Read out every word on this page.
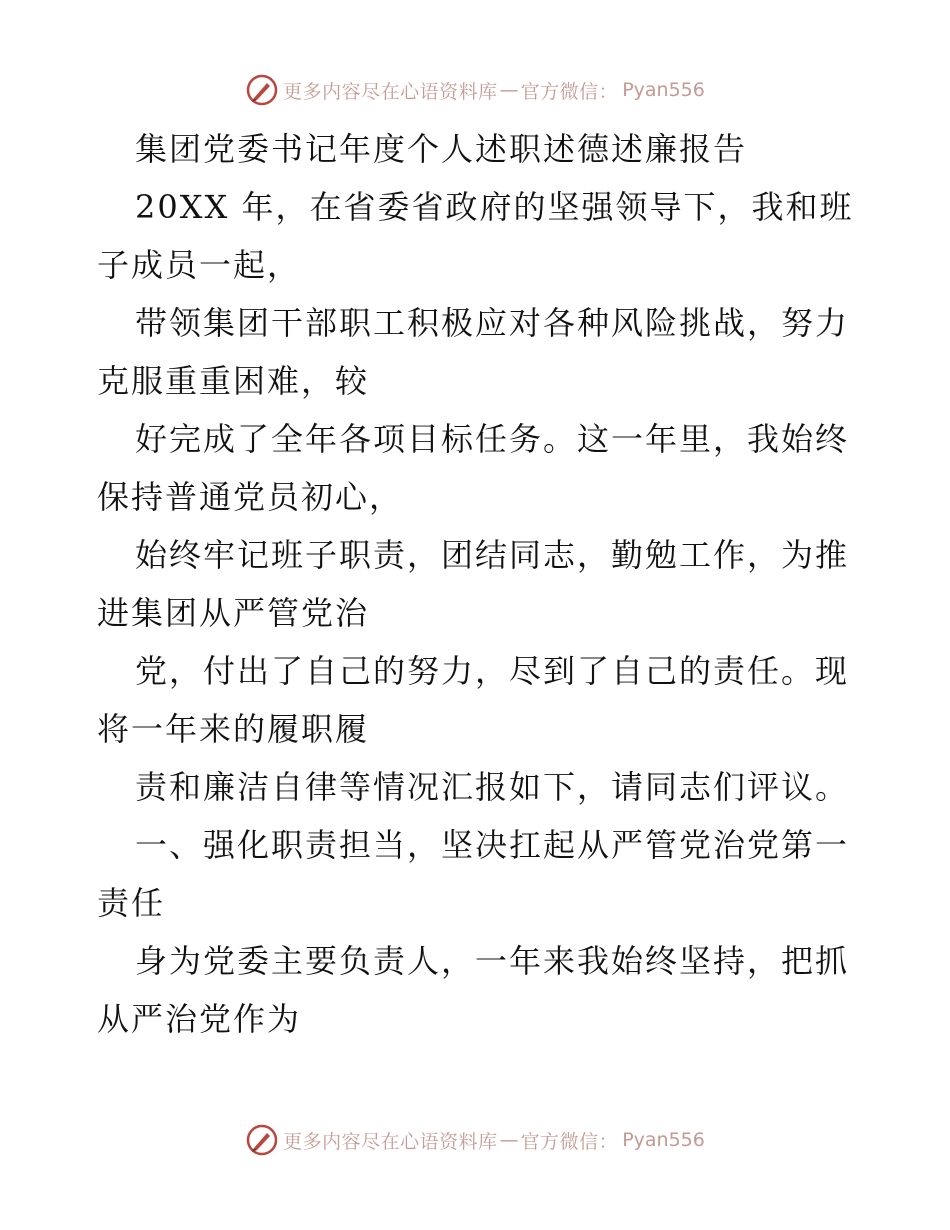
更多内容尽在心语资料库 — 官方微信： Pyan556
集团党委书记年度个人述职述德述廉报告
20XX 年，在省委省政府的坚强领导下，我和班
子成员一起，
带领集团干部职工积极应对各种风险挑战，努力
克服重重困难，较
好完成了全年各项目标任务。这一年里，我始终
保持普通党员初心，
始终牢记班子职责，团结同志，勤勉工作，为推
进集团从严管党治
党，付出了自己的努力，尽到了自己的责任。现
将一年来的履职履
责和廉洁自律等情况汇报如下，请同志们评议。
一、强化职责担当，坚决扛起从严管党治党第一
责任
身为党委主要负责人，一年来我始终坚持，把抓
从严治党作为
更多内容尽在心语资料库 — 官方微信： Pyan556
